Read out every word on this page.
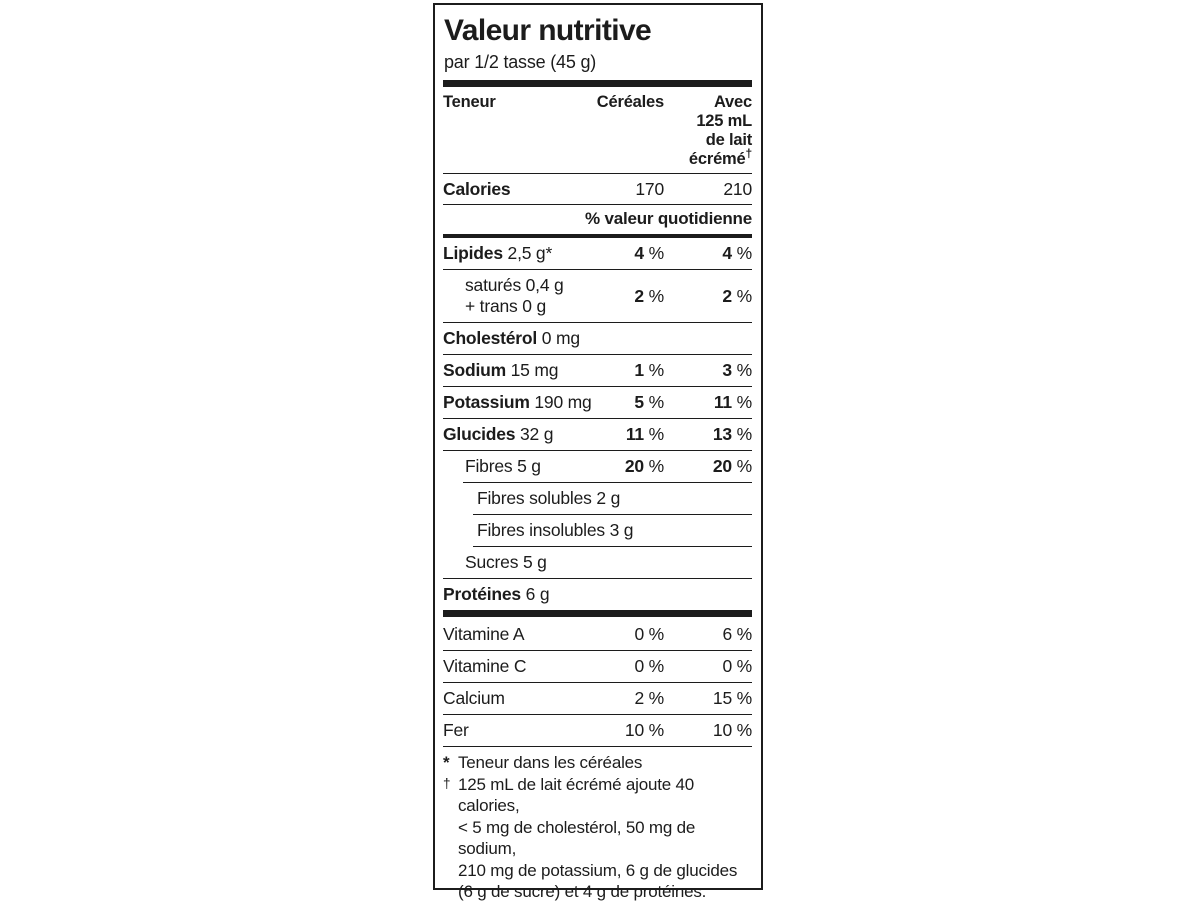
Valeur nutritive
par 1/2 tasse (45 g)
Teneur	Céréales	Avec
125 mL
de lait
écrémé†
Calories	170	210
% valeur quotidienne
Lipides 2,5 g*	4 %	4 %
saturés 0,4 g
+ trans 0 g
2 %	2 %
Cholestérol 0 mg
Sodium 15 mg	1 %	3 %
Potassium 190 mg	5 %	11 %
Glucides 32 g	11 %	13 %
Fibres 5 g	20 %	20 %
Fibres solubles 2 g
Fibres insolubles 3 g
Sucres 5 g
Protéines 6 g
Vitamine A	0 %	6 %
Vitamine C	0 %	0 %
Calcium	2 %	15 %
Fer	10 %	10 %
* Teneur dans les céréales
† 125 mL de lait écrémé ajoute 40 calories,
< 5 mg de cholestérol, 50 mg de sodium,
210 mg de potassium, 6 g de glucides
(6 g de sucre) et 4 g de protéines.
